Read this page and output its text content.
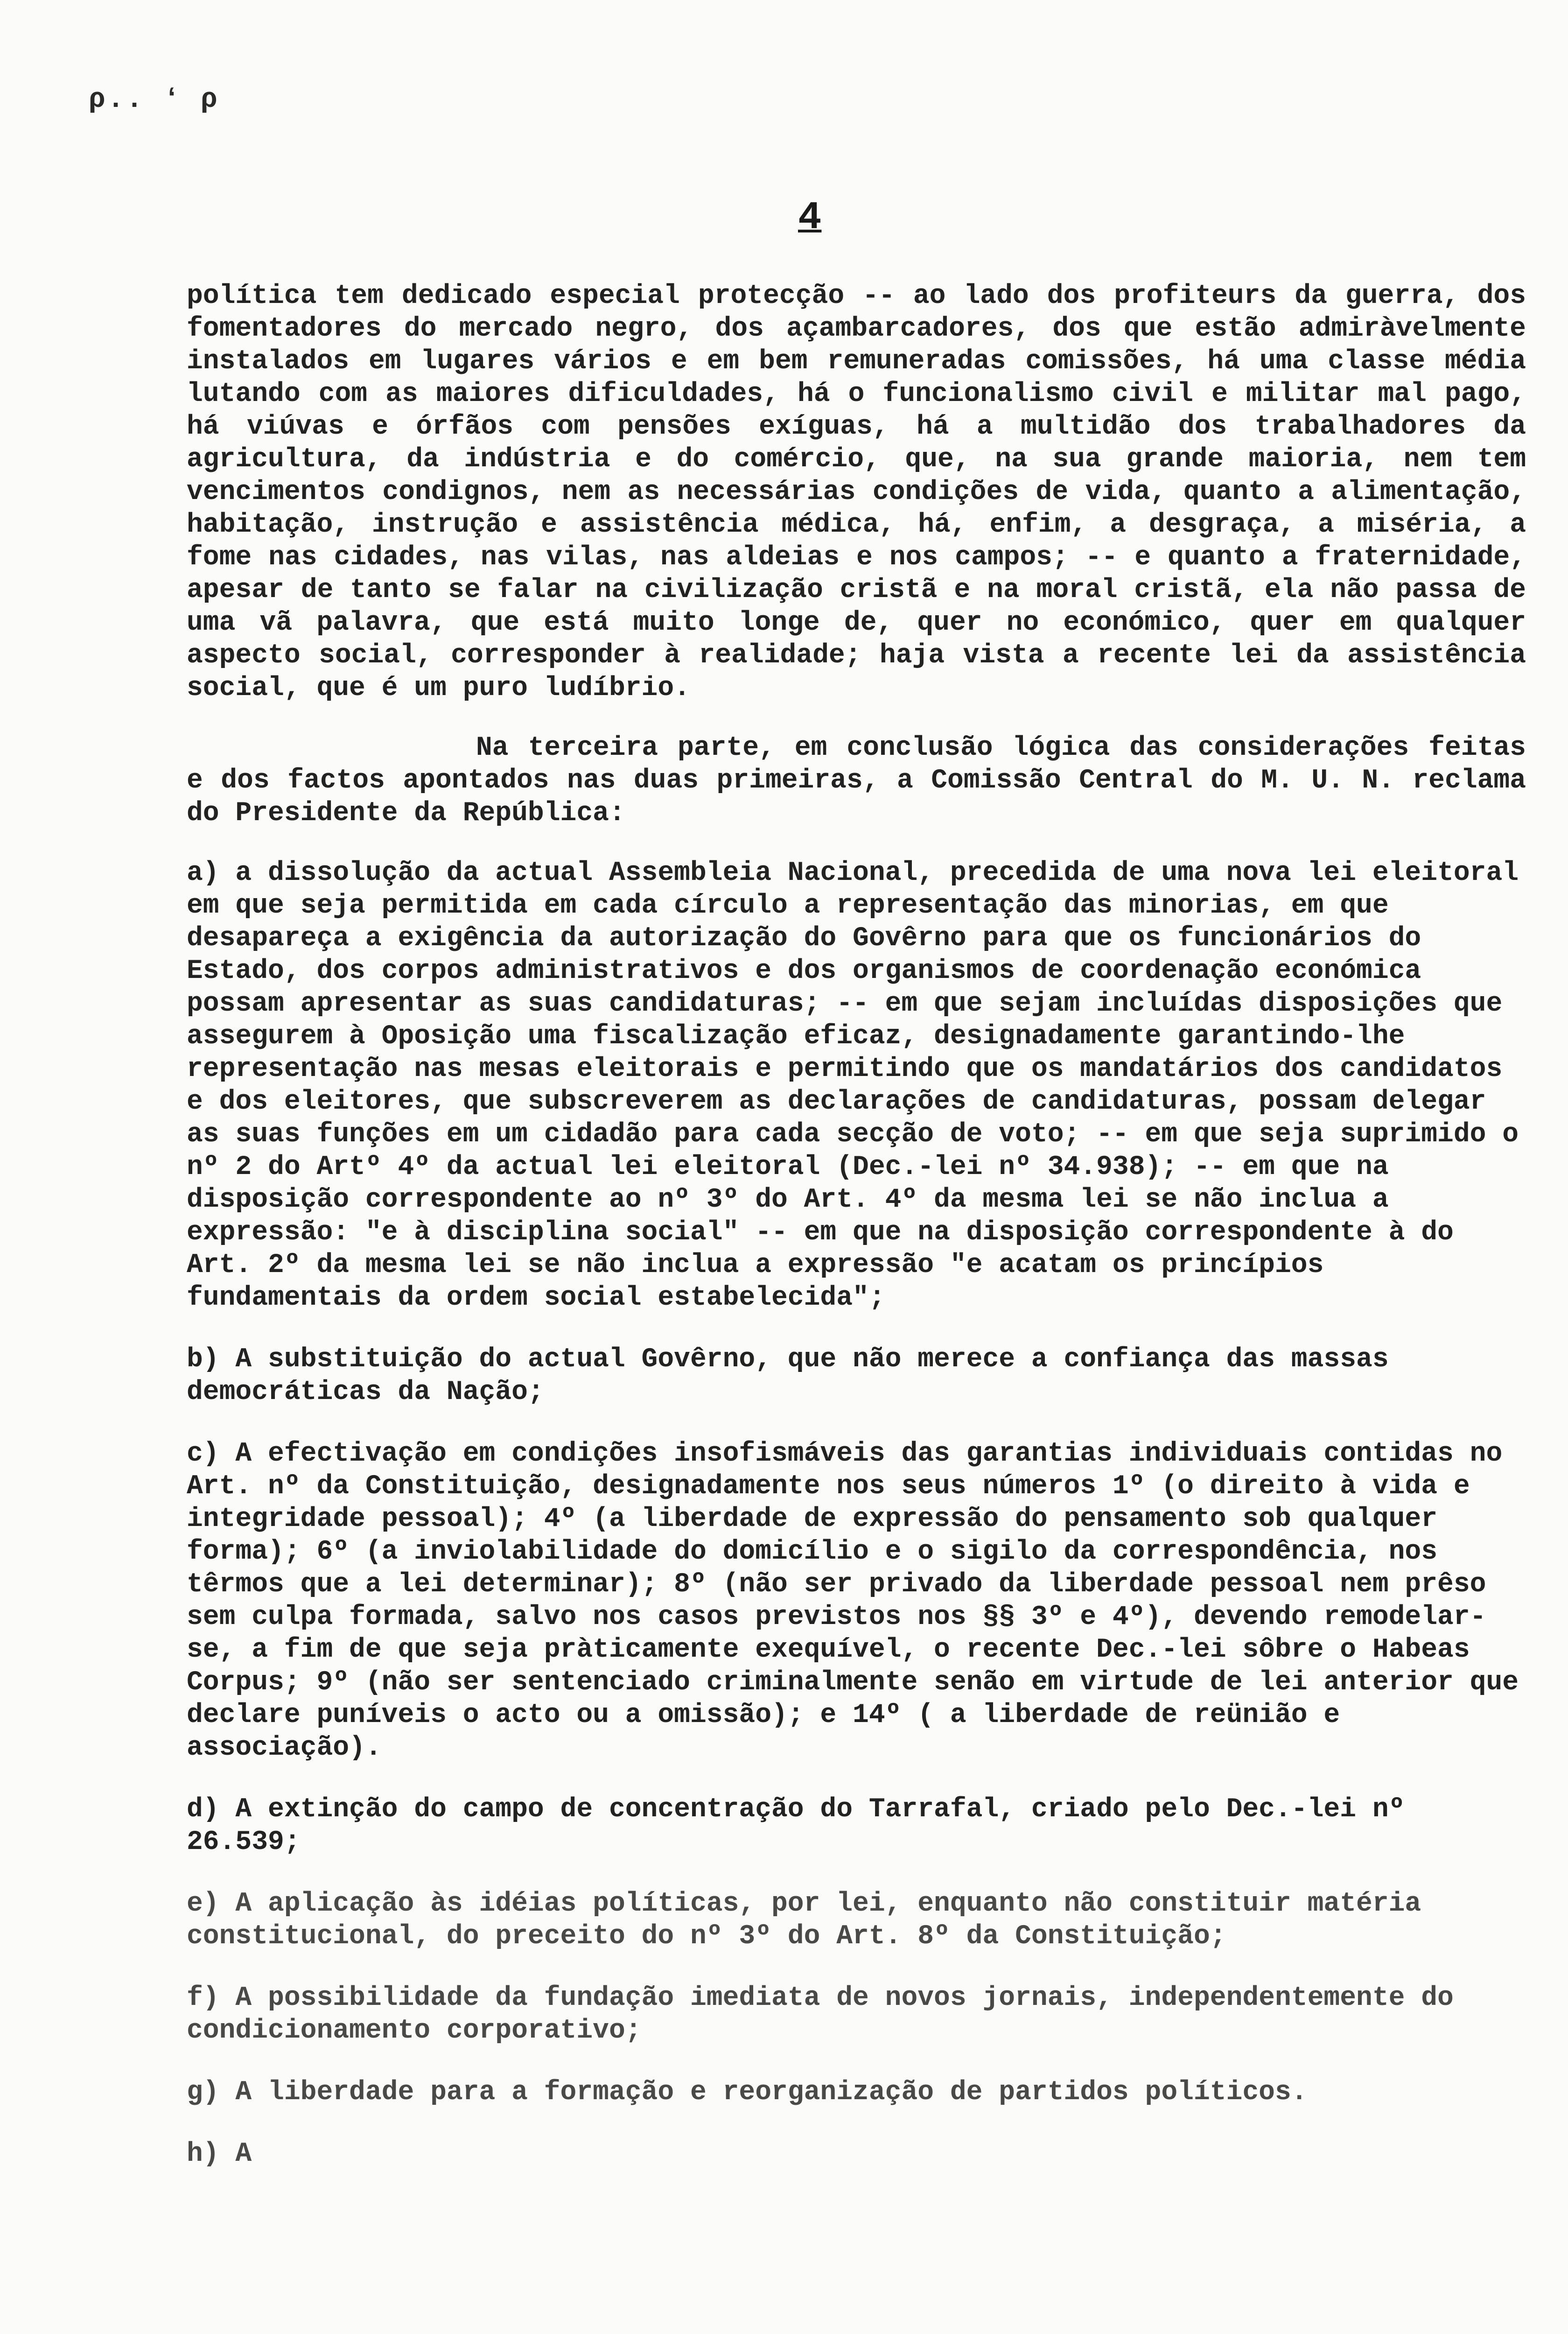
ρ.. ʻ ρ
4

política tem dedicado especial protecção -- ao lado dos profiteurs da guerra, dos fomentadores do mercado negro, dos açambarcadores, dos que estão admiràvelmente instalados em lugares vários e em bem remuneradas comissões, há uma classe média lutando com as maiores dificuldades, há o funcionalismo civil e militar mal pago, há viúvas e órfãos com pensões exíguas, há a multidão dos trabalhadores da agricultura, da indústria e do comércio, que, na sua grande maioria, nem tem vencimentos condignos, nem as necessárias condições de vida, quanto a alimentação, habitação, instrução e assistência médica, há, enfim, a desgraça, a miséria, a fome nas cidades, nas vilas, nas aldeias e nos campos; -- e quanto a fraternidade, apesar de tanto se falar na civilização cristã e na moral cristã, ela não passa de uma vã palavra, que está muito longe de, quer no económico, quer em qualquer aspecto social, corresponder à realidade; haja vista a recente lei da assistência social, que é um puro ludíbrio.

Na terceira parte, em conclusão lógica das considerações feitas e dos factos apontados nas duas primeiras, a Comissão Central do M. U. N. reclama do Presidente da República:

a) a dissolução da actual Assembleia Nacional, precedida de uma nova lei eleitoral em que seja permitida em cada círculo a representação das minorias, em que desapareça a exigência da autorização do Govêrno para que os funcionários do Estado, dos corpos administrativos e dos organismos de coordenação económica possam apresentar as suas candidaturas; -- em que sejam incluídas disposições que assegurem à Oposição uma fiscalização eficaz, designadamente garantindo-lhe representação nas mesas eleitorais e permitindo que os mandatários dos candidatos e dos eleitores, que subscreverem as declarações de candidaturas, possam delegar as suas funções em um cidadão para cada secção de voto; -- em que seja suprimido o nº 2 do Artº 4º da actual lei eleitoral (Dec.-lei nº 34.938); -- em que na disposição correspondente ao nº 3º do Art. 4º da mesma lei se não inclua a expressão: "e à disciplina social" -- em que na disposição correspondente à do Art. 2º da mesma lei se não inclua a expressão "e acatam os princípios fundamentais da ordem social estabelecida";

b) A substituição do actual Govêrno, que não merece a confiança das massas democráticas da Nação;

c) A efectivação em condições insofismáveis das garantias individuais contidas no Art. nº da Constituição, designadamente nos seus números 1º (o direito à vida e integridade pessoal); 4º (a liberdade de expressão do pensamento sob qualquer forma); 6º (a inviolabilidade do domicílio e o sigilo da correspondência, nos têrmos que a lei determinar); 8º (não ser privado da liberdade pessoal nem prêso sem culpa formada, salvo nos casos previstos nos §§ 3º e 4º), devendo remodelar-se, a fim de que seja pràticamente exequível, o recente Dec.-lei sôbre o Habeas Corpus; 9º (não ser sentenciado criminalmente senão em virtude de lei anterior que declare puníveis o acto ou a omissão); e 14º ( a liberdade de reünião e associação).

d) A extinção do campo de concentração do Tarrafal, criado pelo Dec.-lei nº 26.539;

e) A aplicação às idéias políticas, por lei, enquanto não constituir matéria constitucional, do preceito do nº 3º do Art. 8º da Constituição;

f) A possibilidade da fundação imediata de novos jornais, independentemente do condicionamento corporativo;

g) A liberdade para a formação e reorganização de partidos políticos.

h) A
